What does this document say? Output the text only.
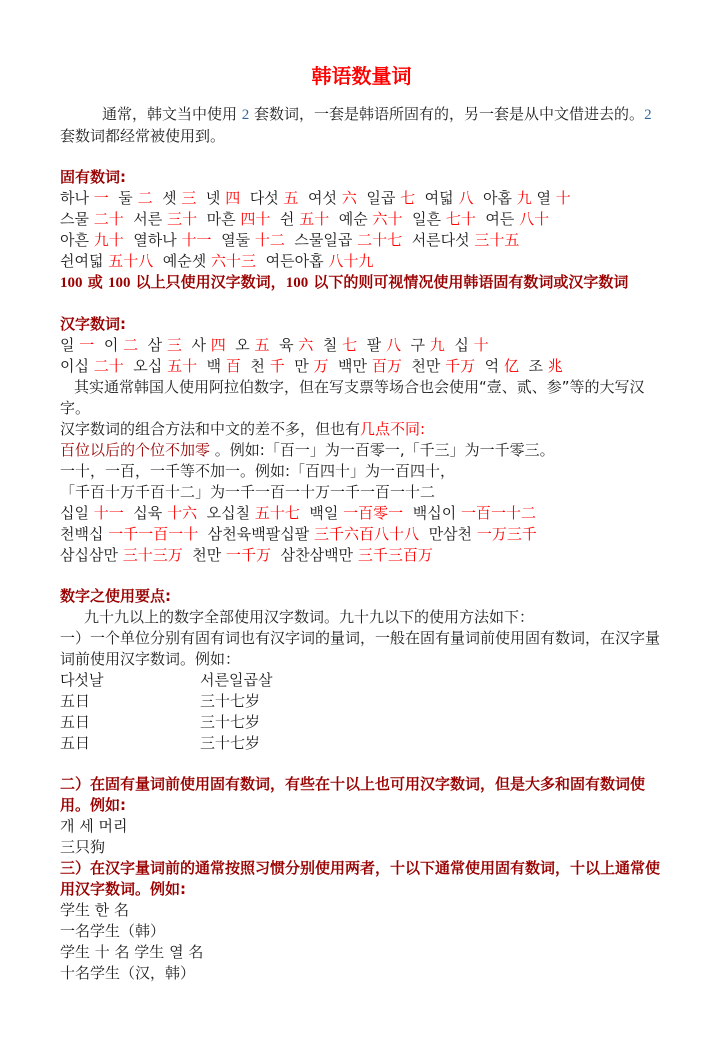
韩语数量词
通常，韩文当中使用 2 套数词，一套是韩语所固有的，另一套是从中文借进去的。2 套数词都经常被使用到。
固有数词:
하나 一  둘 二  셋 三  넷 四  다섯 五  여섯 六  일곱 七  여덟 八  아홉 九 열 十
스물 二十  서른 三十  마흔 四十  쉰 五十  예순 六十  일흔 七十  여든 八十
아흔 九十  열하나 十一  열둘 十二  스물일곱 二十七  서른다섯 三十五
쉰여덟 五十八  예순셋 六十三  여든아홉 八十九
100 或 100 以上只使用汉字数词，100 以下的则可视情况使用韩语固有数词或汉字数词
汉字数词:
일 一  이 二  삼 三  사 四  오 五  육 六  칠 七  팔 八  구 九  십 十
이십 二十  오십 五十  백 百  천 千  만 万  백만 百万  천만 千万  억 亿  조 兆
其实通常韩国人使用阿拉伯数字，但在写支票等场合也会使用“壹、贰、参”等的大写汉字。
汉字数词的组合方法和中文的差不多，但也有几点不同:
百位以后的个位不加零 。例如:「百一」为一百零一,「千三」为一千零三。
一十，一百，一千等不加一。例如:「百四十」为一百四十，
「千百十万千百十二」为一千一百一十万一千一百一十二
십일 十一  십육 十六  오십칠 五十七  백일 一百零一  백십이 一百一十二
천백십 一千一百一十  삼천육백팔십팔 三千六百八十八  만삼천 一万三千
삼십삼만 三十三万  천만 一千万  삼찬삼백만 三千三百万
数字之使用要点:
九十九以上的数字全部使用汉字数词。九十九以下的使用方法如下：
一）一个单位分别有固有词也有汉字词的量词，一般在固有量词前使用固有数词，在汉字量词前使用汉字数词。例如：
다섯날	서른일곱살
五日	三十七岁
五日	三十七岁
五日	三十七岁
二）在固有量词前使用固有数词，有些在十以上也可用汉字数词，但是大多和固有数词使用。例如:
개 세 머리
三只狗
三）在汉字量词前的通常按照习惯分别使用两者，十以下通常使用固有数词，十以上通常使用汉字数词。例如:
学生 한 名
一名学生（韩）
学生 十 名 学生 열 名
十名学生（汉，韩）
